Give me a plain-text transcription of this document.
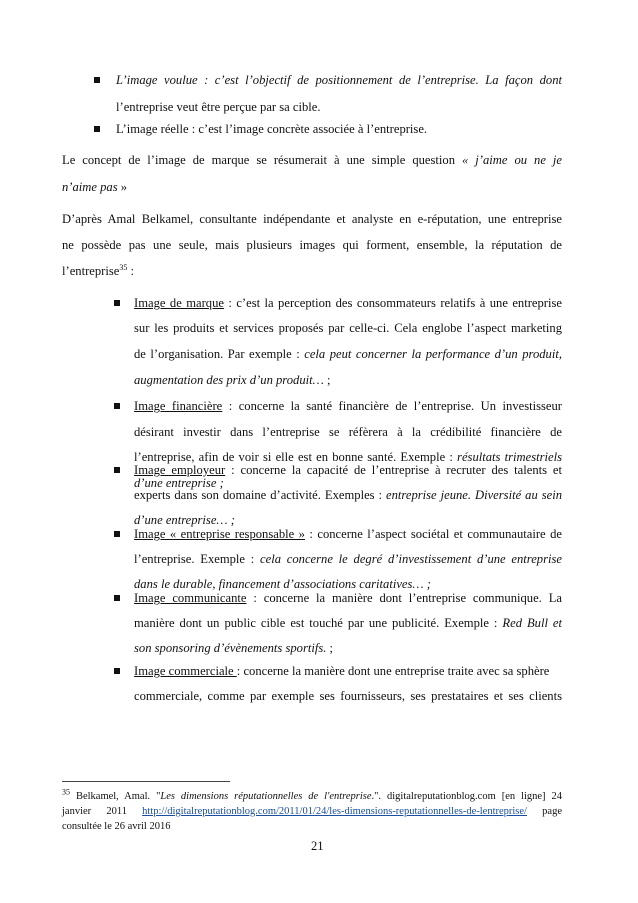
L’image voulue : c’est l’objectif de positionnement de l’entreprise. La façon dont
l’entreprise veut être perçue par sa cible.
L’image réelle : c’est l’image concrète associée à l’entreprise.
Le concept de l’image de marque se résumerait à une simple question « j’aime ou ne je
n’aime pas »
D’après Amal Belkamel, consultante indépendante et analyste en e-réputation, une entreprise
ne possède pas une seule, mais plusieurs images qui forment, ensemble, la réputation de
l’entreprise$^{35}$ :
Image de marque : c’est la perception des consommateurs relatifs à une entreprise
sur les produits et services proposés par celle-ci. Cela englobe l’aspect marketing
de l’organisation. Par exemple : cela peut concerner la performance d’un produit,
augmentation des prix d’un produit… ;
Image financière : concerne la santé financière de l’entreprise. Un investisseur
désirant investir dans l’entreprise se réfèrera à la crédibilité financière de
l’entreprise, afin de voir si elle est en bonne santé. Exemple : résultats trimestriels
d’une entreprise ;
Image employeur : concerne la capacité de l’entreprise à recruter des talents et
experts dans son domaine d’activité. Exemples : entreprise jeune. Diversité au sein
d’une entreprise… ;
Image « entreprise responsable » : concerne l’aspect sociétal et communautaire de
l’entreprise. Exemple : cela concerne le degré d’investissement d’une entreprise
dans le durable, financement d’associations caritatives… ;
Image communicante : concerne la manière dont l’entreprise communique. La
manière dont un public cible est touché par une publicité. Exemple : Red Bull et
son sponsoring d’évènements sportifs. ;
Image commerciale : concerne la manière dont une entreprise traite avec sa sphère
commerciale, comme par exemple ses fournisseurs, ses prestataires et ses clients
$^{35}$ Belkamel, Amal. "Les dimensions réputationnelles de l'entreprise.". digitalreputationblog.com [en ligne] 24
janvier 2011 http://digitalreputationblog.com/2011/01/24/les-dimensions-reputationnelles-de-lentreprise/ page
consultée le 26 avril 2016
21
